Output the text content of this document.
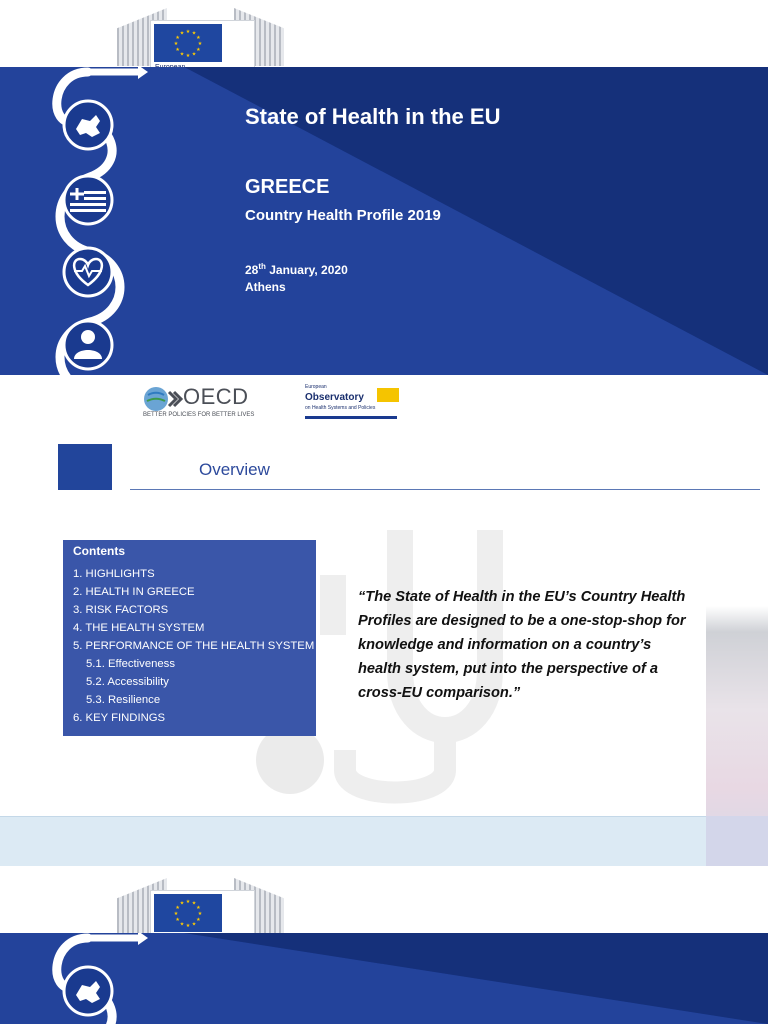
★
★
★
★
★
★
★
★
★ ★ ★
★
State of Health in the EU
GREECE
Country Health Profile 2019
28th January, 2020
Athens
OECD
BETTER POLICIES FOR BETTER LIVES
European
Observatory
on Health Systems and Policies
Overview
Contents
1. HIGHLIGHTS
2. HEALTH IN GREECE
3. RISK FACTORS
4. THE HEALTH SYSTEM
5. PERFORMANCE OF THE HEALTH SYSTEM
5.1. Effectiveness
5.2. Accessibility
5.3. Resilience
6. KEY FINDINGS
“The State of Health in the EU’s Country Health Profiles are designed to be a one-stop-shop for knowledge and information on a country’s health system, put into the perspective of a cross-EU comparison.”
★
★
★
★
★
★
★
★
★ ★ ★
★
